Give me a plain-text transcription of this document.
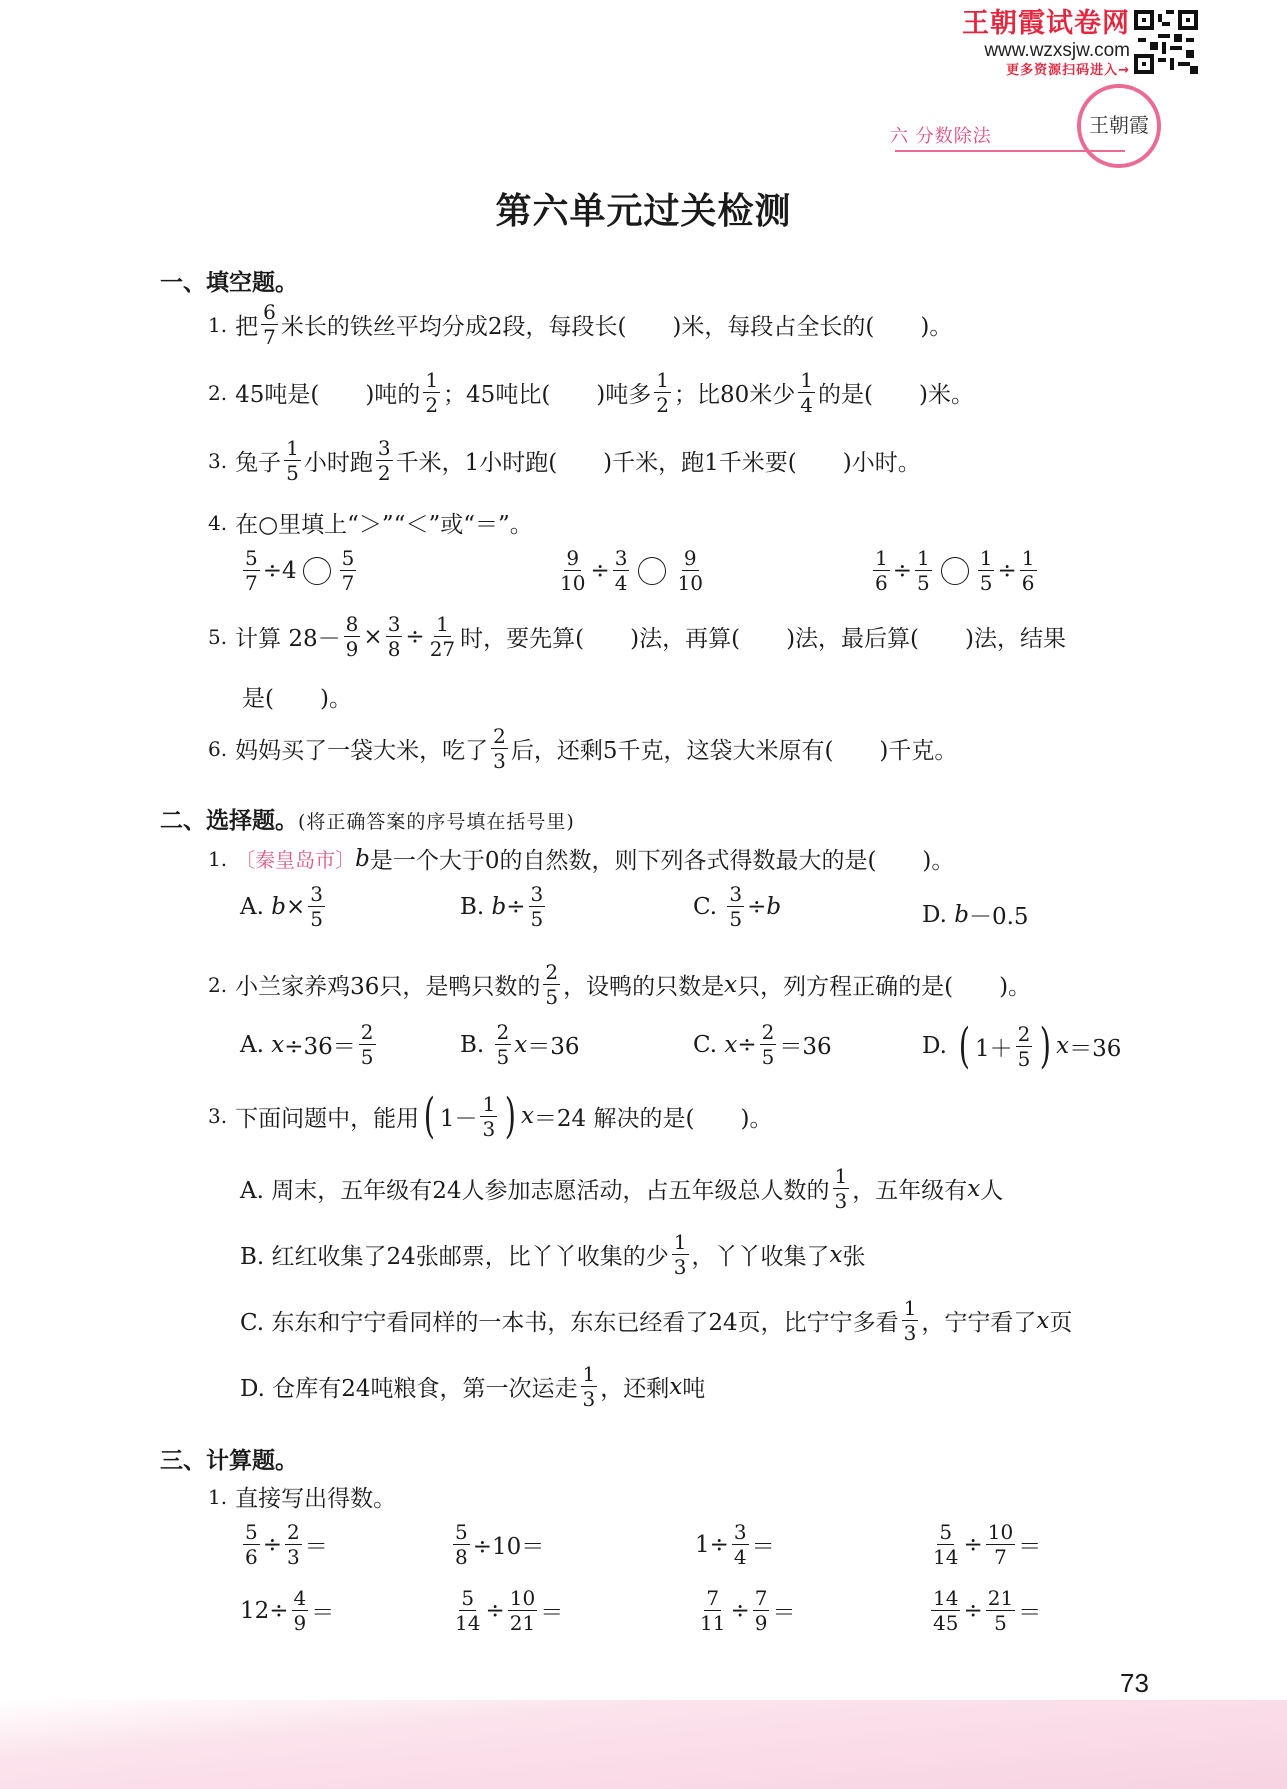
王朝霞试卷网
www.wzxsjw.com
更多资源扫码进入→
王朝霞
六 分数除法
第六单元过关检测
一、填空题。
1. 把 $\frac{6}{7}$ 米长的铁丝平均分成2段，每段长(　　)米，每段占全长的(　　)。
2. 45吨是(　　)吨的 $\frac{1}{2}$ ；45吨比(　　)吨多 $\frac{1}{2}$ ；比80米少 $\frac{1}{4}$ 的是(　　)米。
3. 兔子 $\frac{1}{5}$ 小时跑 $\frac{3}{2}$ 千米，1小时跑(　　)千米，跑1千米要(　　)小时。
4. 在○里填上“＞”“＜”或“＝”。
$\frac{5}{7} \div 4 \frac{5}{7}$	$\frac{9}{10} \div \frac{3}{4} \frac{9}{10}$	$\frac{1}{6} \div \frac{1}{5} \frac{1}{5} \div \frac{1}{6}$
5. 计算 $28- \frac{8}{9} \times \frac{3}{8} \div \frac{1}{27}$ 时，要先算(　　)法，再算(　　)法，最后算(　　)法，结果
是(　　)。
6. 妈妈买了一袋大米，吃了 $\frac{2}{3}$ 后，还剩5千克，这袋大米原有(　　)千克。
二、选择题。(将正确答案的序号填在括号里)
1. 〔秦皇岛市〕 b 是一个大于0的自然数，则下列各式得数最大的是(　　)。
A. $b \times \frac{3}{5}$	B. $b \div \frac{3}{5}$	C. $\frac{3}{5} \div b$	D. b －0.5
2. 小兰家养鸡36只，是鸭只数的 $\frac{2}{5}$ ，设鸭的只数是 x 只，列方程正确的是(　　)。
A. $x \div 36= \frac{2}{5}$	B. $\frac{2}{5}$ x ＝36	C. $x \div \frac{2}{5} =36$	D. ( $1+ \frac{2}{5}$ ) x ＝36
3. 下面问题中，能用 ( $1- \frac{1}{3}$ ) x ＝24 解决的是(　　)。
A. 周末，五年级有24人参加志愿活动，占五年级总人数的 $\frac{1}{3}$ ，五年级有 x 人
B. 红红收集了24张邮票，比丫丫收集的少 $\frac{1}{3}$ ，丫丫收集了 x 张
C. 东东和宁宁看同样的一本书，东东已经看了24页，比宁宁多看 $\frac{1}{3}$ ，宁宁看了 x 页
D. 仓库有24吨粮食，第一次运走 $\frac{1}{3}$ ，还剩 x 吨
三、计算题。
1. 直接写出得数。
$\frac{5}{6} \div \frac{2}{3}$ ＝	$\frac{5}{8} \div 10=$	$1\div \frac{3}{4}$ ＝	$\frac{5}{14} \div \frac{10}{7}$ ＝
$12\div \frac{4}{9}$ ＝	$\frac{5}{14} \div \frac{10}{21}$ ＝	$\frac{7}{11} \div \frac{7}{9}$ ＝	$\frac{14}{45} \div \frac{21}{5}$ ＝
73
